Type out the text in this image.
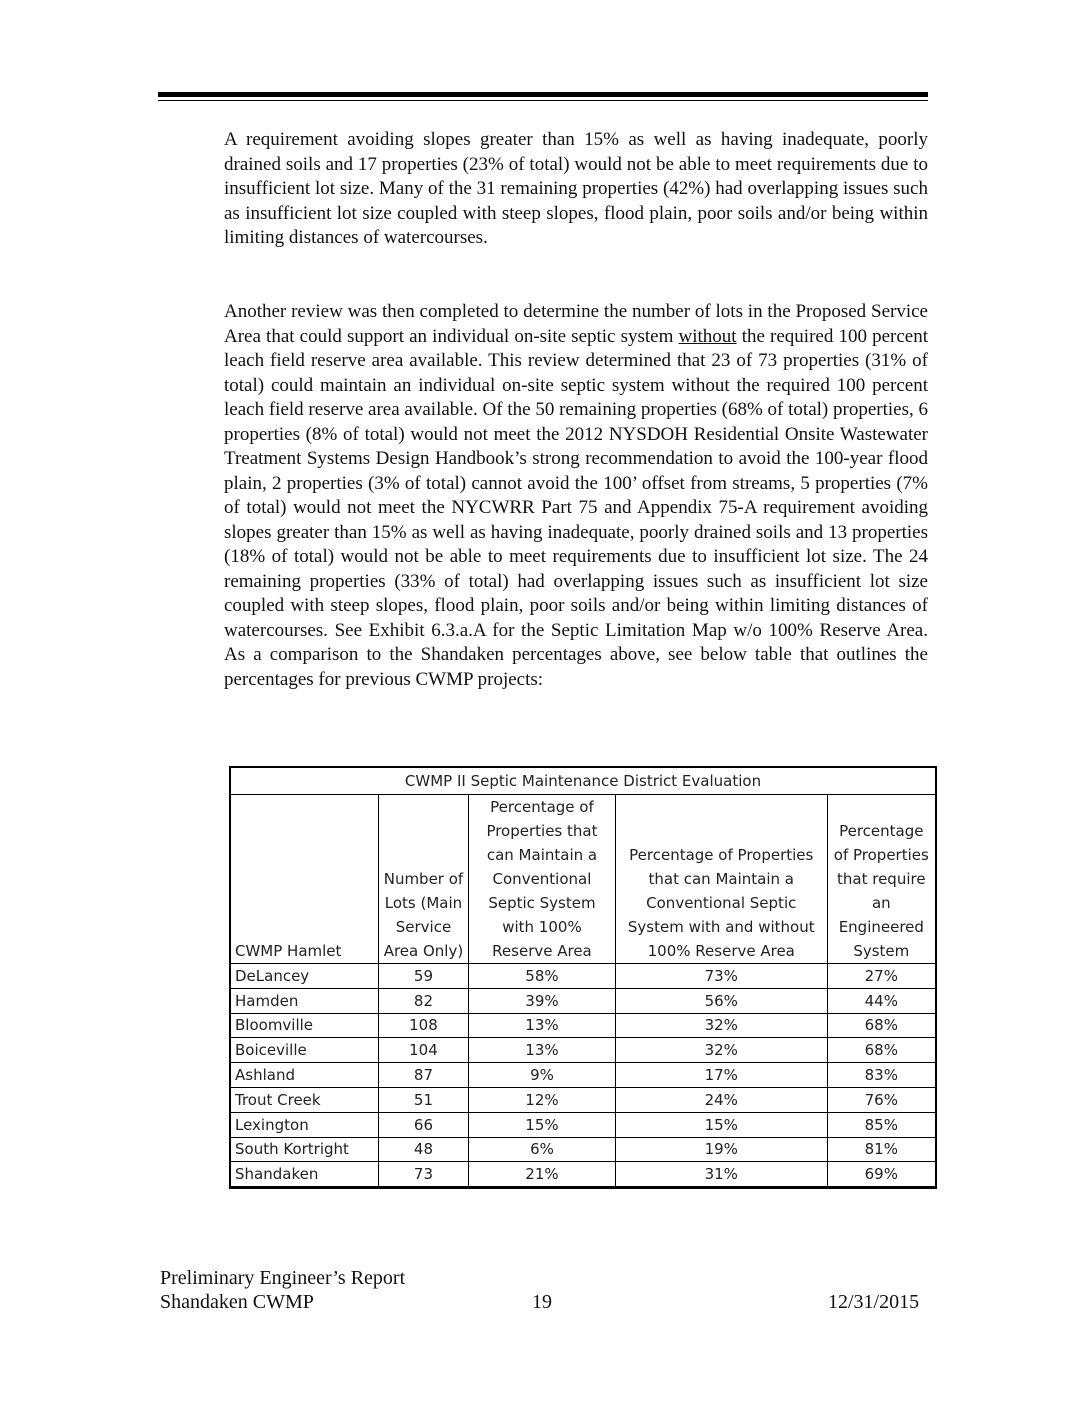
A requirement avoiding slopes greater than 15% as well as having inadequate, poorly drained soils and 17 properties (23% of total) would not be able to meet requirements due to insufficient lot size. Many of the 31 remaining properties (42%) had overlapping issues such as insufficient lot size coupled with steep slopes, flood plain, poor soils and/or being within limiting distances of watercourses.

Another review was then completed to determine the number of lots in the Proposed Service Area that could support an individual on-site septic system without the required 100 percent leach field reserve area available. This review determined that 23 of 73 properties (31% of total) could maintain an individual on-site septic system without the required 100 percent leach field reserve area available. Of the 50 remaining properties (68% of total) properties, 6 properties (8% of total) would not meet the 2012 NYSDOH Residential Onsite Wastewater Treatment Systems Design Handbook’s strong recommendation to avoid the 100-year flood plain, 2 properties (3% of total) cannot avoid the 100’ offset from streams, 5 properties (7% of total) would not meet the NYCWRR Part 75 and Appendix 75-A requirement avoiding slopes greater than 15% as well as having inadequate, poorly drained soils and 13 properties (18% of total) would not be able to meet requirements due to insufficient lot size. The 24 remaining properties (33% of total) had overlapping issues such as insufficient lot size coupled with steep slopes, flood plain, poor soils and/or being within limiting distances of watercourses. See Exhibit 6.3.a.A for the Septic Limitation Map w/o 100% Reserve Area. As a comparison to the Shandaken percentages above, see below table that outlines the percentages for previous CWMP projects:

CWMP II Septic Maintenance District Evaluation				
CWMP Hamlet	Number of Lots (Main Service Area Only)	Percentage of Properties that can Maintain a Conventional Septic System with 100% Reserve Area	Percentage of Properties that can Maintain a Conventional Septic System with and without 100% Reserve Area	Percentage of Properties that require an Engineered System
DeLancey	59	58%	73%	27%
Hamden	82	39%	56%	44%
Bloomville	108	13%	32%	68%
Boiceville	104	13%	32%	68%
Ashland	87	9%	17%	83%
Trout Creek	51	12%	24%	76%
Lexington	66	15%	15%	85%
South Kortright	48	6%	19%	81%
Shandaken	73	21%	31%	69%
Preliminary Engineer’s Report
Shandaken CWMP	19	12/31/2015
